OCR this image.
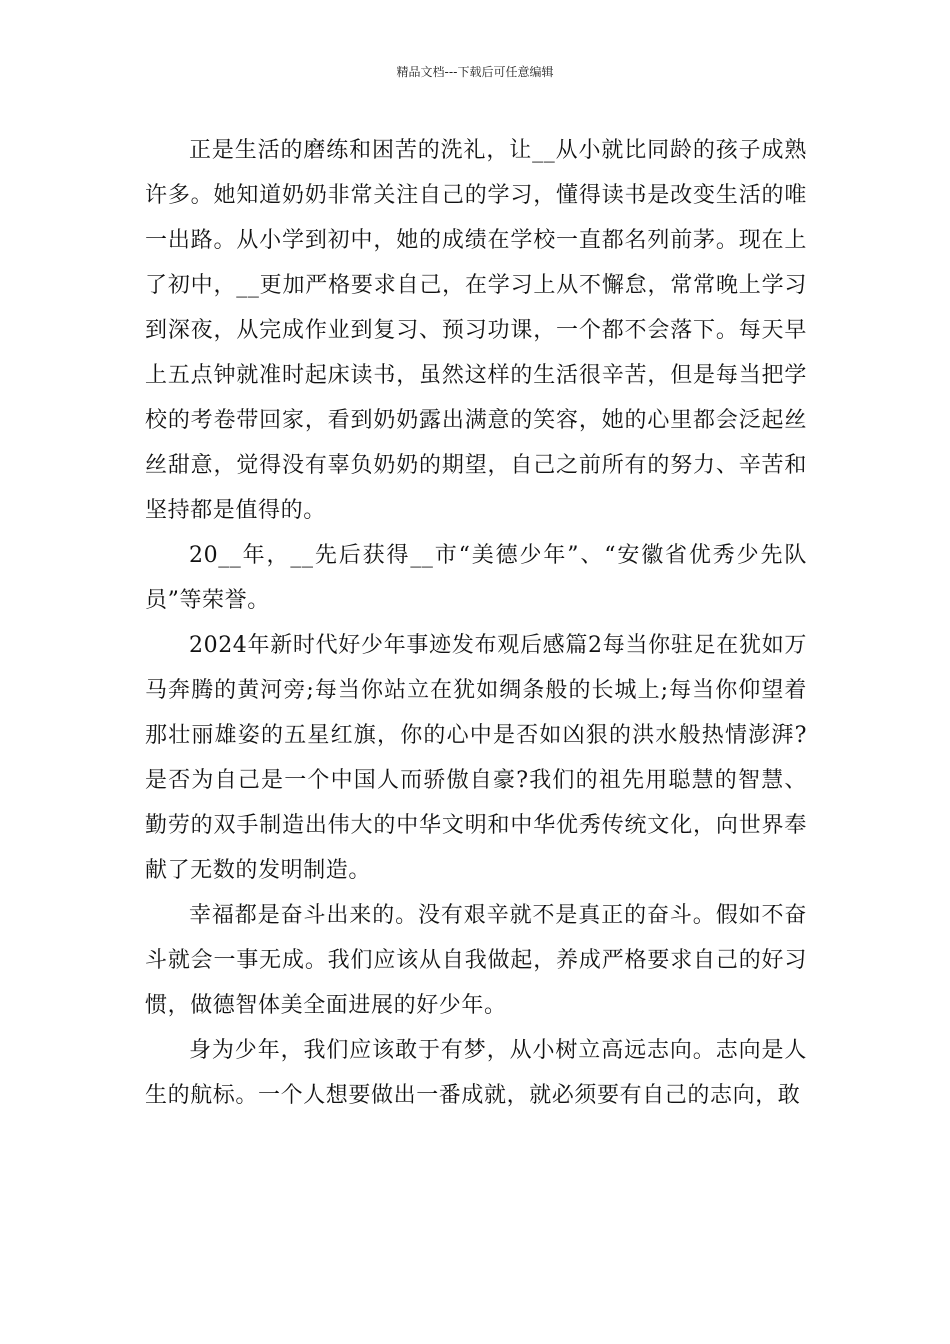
精品文档---下载后可任意编辑

正是生活的磨练和困苦的洗礼，让__从小就比同龄的孩子成熟许多。她知道奶奶非常关注自己的学习，懂得读书是改变生活的唯一出路。从小学到初中，她的成绩在学校一直都名列前茅。现在上了初中，__更加严格要求自己，在学习上从不懈怠，常常晚上学习到深夜，从完成作业到复习、预习功课，一个都不会落下。每天早上五点钟就准时起床读书，虽然这样的生活很辛苦，但是每当把学校的考卷带回家，看到奶奶露出满意的笑容，她的心里都会泛起丝丝甜意，觉得没有辜负奶奶的期望，自己之前所有的努力、辛苦和坚持都是值得的。

20__年，__先后获得__市“美德少年”、“安徽省优秀少先队员”等荣誉。

2024年新时代好少年事迹发布观后感篇2每当你驻足在犹如万马奔腾的黄河旁;每当你站立在犹如绸条般的长城上;每当你仰望着那壮丽雄姿的五星红旗，你的心中是否如凶狠的洪水般热情澎湃?是否为自己是一个中国人而骄傲自豪?我们的祖先用聪慧的智慧、勤劳的双手制造出伟大的中华文明和中华优秀传统文化，向世界奉献了无数的发明制造。

幸福都是奋斗出来的。没有艰辛就不是真正的奋斗。假如不奋斗就会一事无成。我们应该从自我做起，养成严格要求自己的好习惯，做德智体美全面进展的好少年。

身为少年，我们应该敢于有梦，从小树立高远志向。志向是人生的航标。一个人想要做出一番成就，就必须要有自己的志向，敢
